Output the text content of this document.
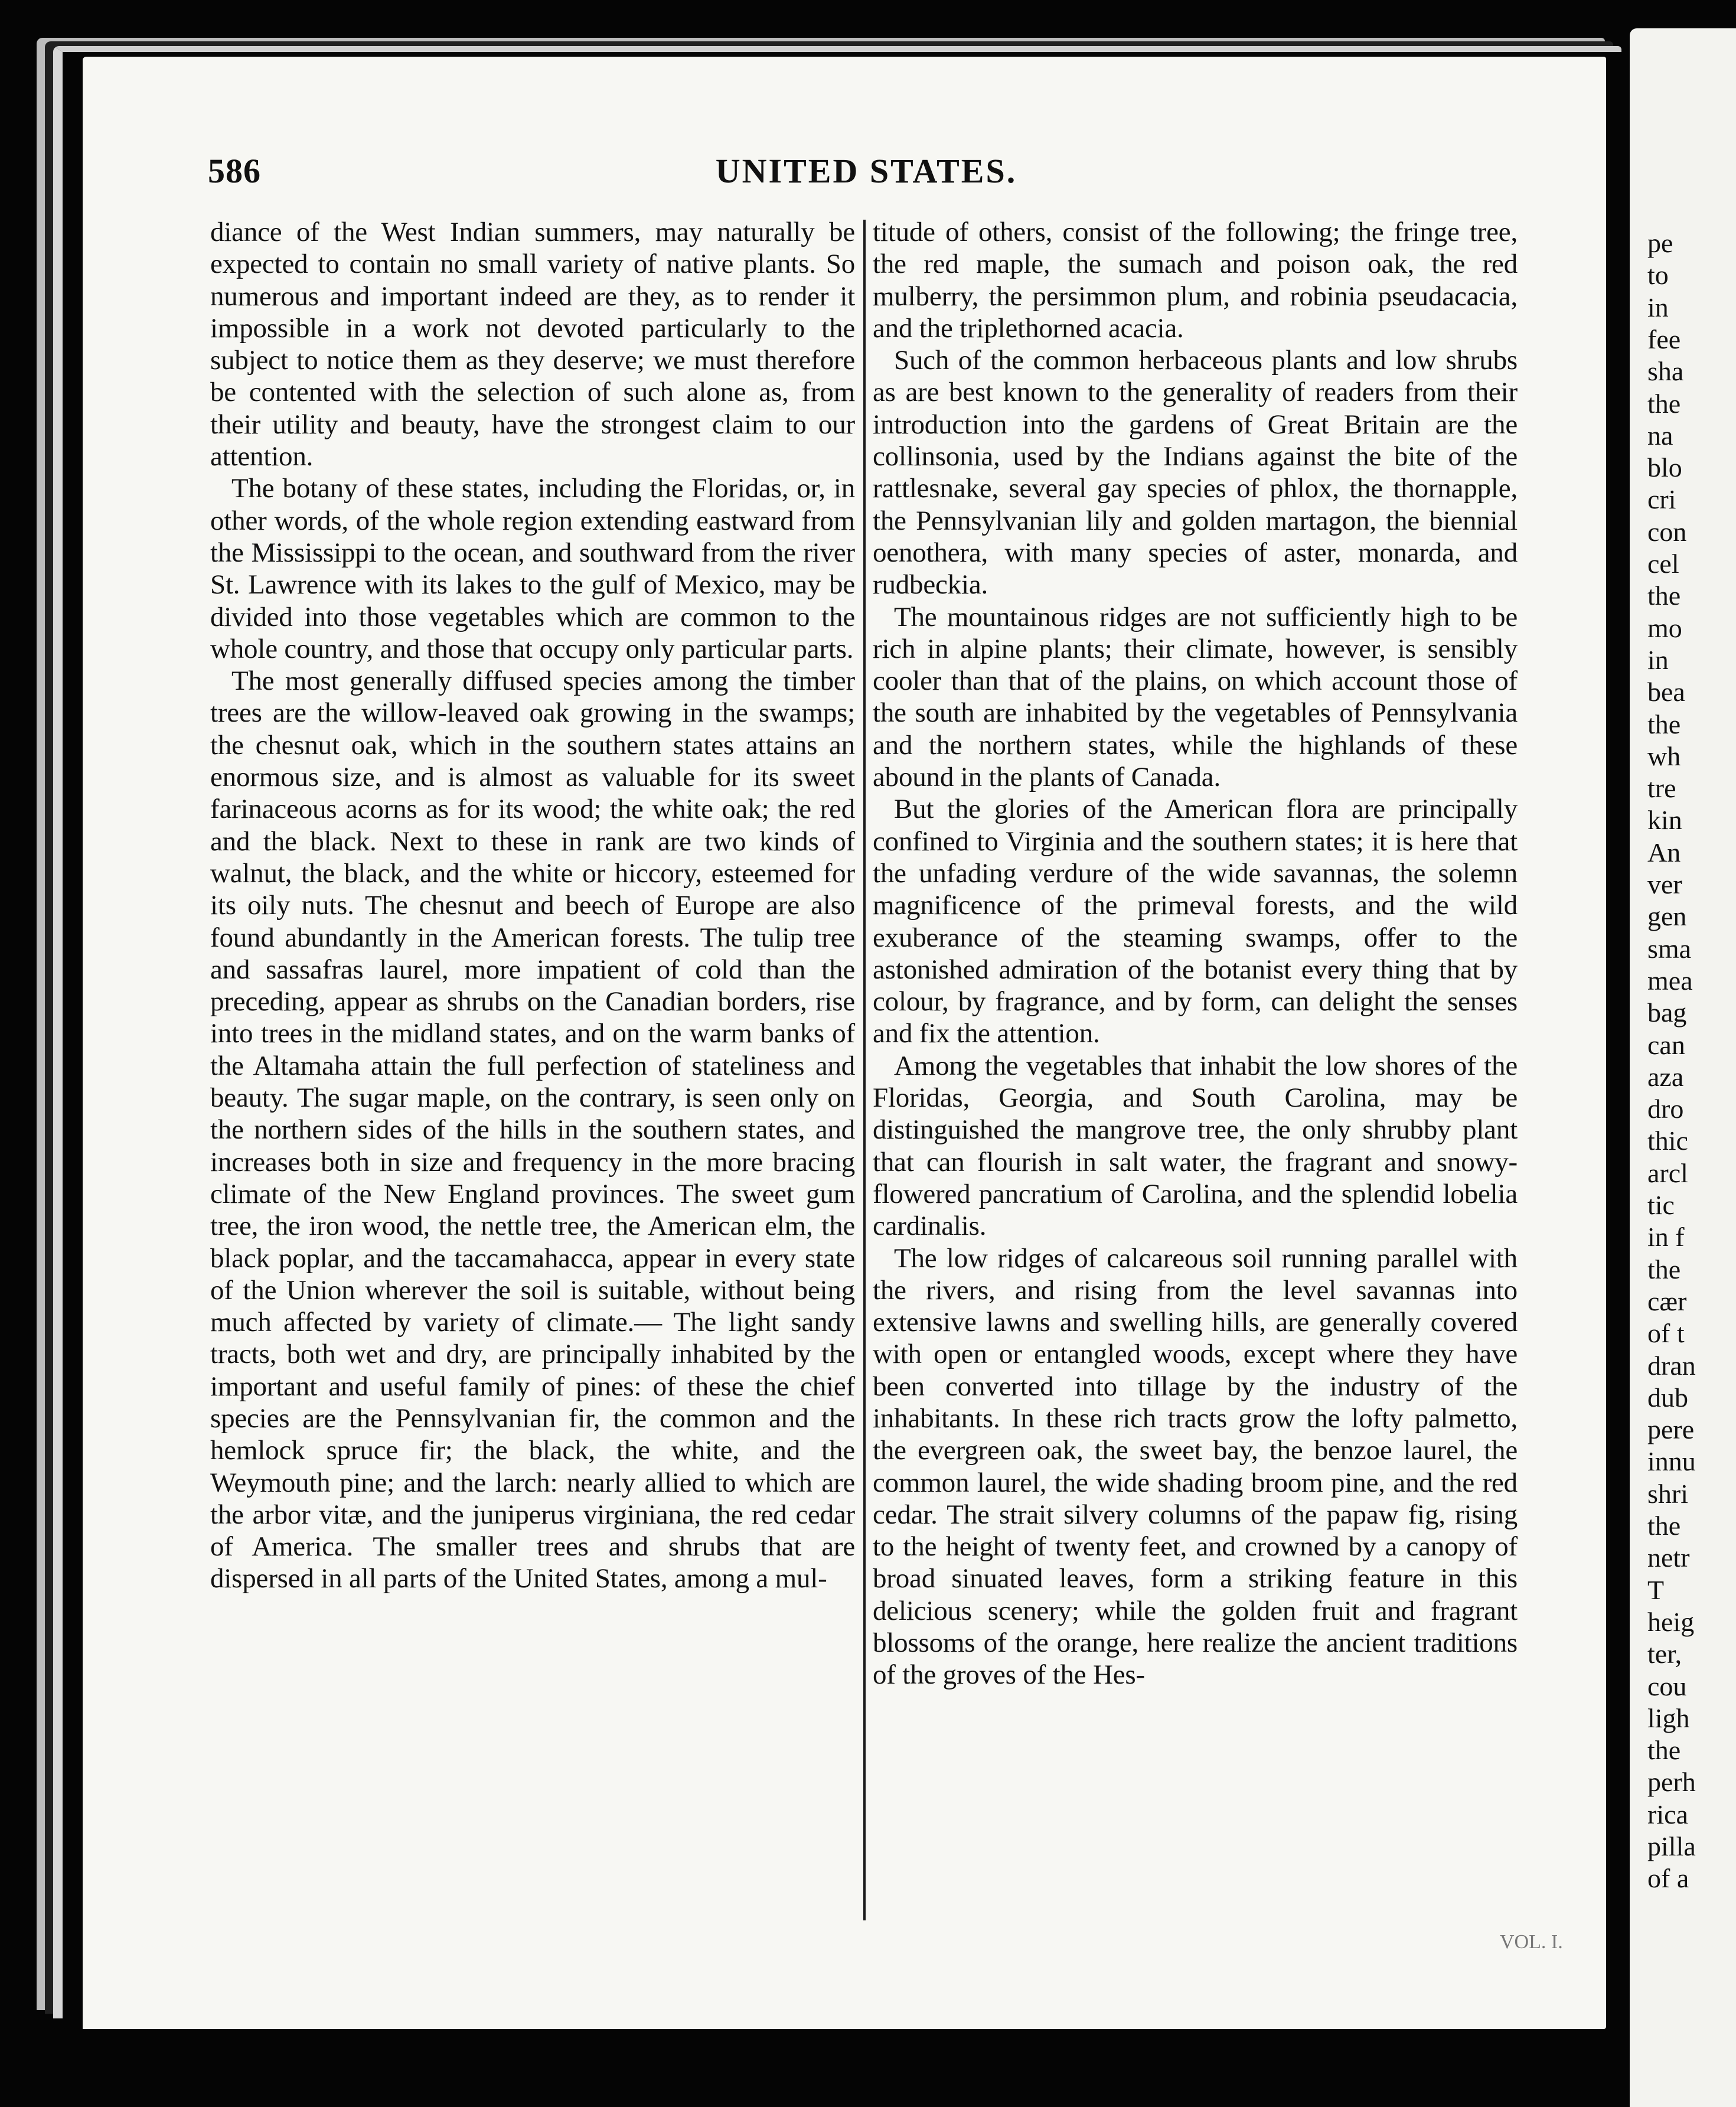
586	UNITED STATES.

diance of the West Indian summers, may naturally be expected to contain no small variety of native plants. So numerous and important indeed are they, as to render it impossible in a work not devoted particularly to the subject to notice them as they deserve; we must therefore be contented with the selection of such alone as, from their utility and beauty, have the strongest claim to our attention.

The botany of these states, including the Floridas, or, in other words, of the whole region extending eastward from the Mississippi to the ocean, and southward from the river St. Lawrence with its lakes to the gulf of Mexico, may be divided into those vegetables which are common to the whole country, and those that occupy only particular parts.

The most generally diffused species among the timber trees are the willow-leaved oak growing in the swamps; the chesnut oak, which in the southern states attains an enormous size, and is almost as valuable for its sweet farinaceous acorns as for its wood; the white oak; the red and the black. Next to these in rank are two kinds of walnut, the black, and the white or hiccory, esteemed for its oily nuts. The chesnut and beech of Europe are also found abundantly in the American forests. The tulip tree and sassafras laurel, more impatient of cold than the preceding, appear as shrubs on the Canadian borders, rise into trees in the midland states, and on the warm banks of the Altamaha attain the full perfection of stateliness and beauty. The sugar maple, on the contrary, is seen only on the northern sides of the hills in the southern states, and increases both in size and frequency in the more bracing climate of the New England provinces. The sweet gum tree, the iron wood, the nettle tree, the American elm, the black poplar, and the taccamahacca, appear in every state of the Union wherever the soil is suitable, without being much affected by variety of climate.— The light sandy tracts, both wet and dry, are principally inhabited by the important and useful family of pines: of these the chief species are the Pennsylvanian fir, the common and the hemlock spruce fir; the black, the white, and the Weymouth pine; and the larch: nearly allied to which are the arbor vitæ, and the juniperus virginiana, the red cedar of America. The smaller trees and shrubs that are dispersed in all parts of the United States, among a mul-

titude of others, consist of the following; the fringe tree, the red maple, the sumach and poison oak, the red mulberry, the persimmon plum, and robinia pseudacacia, and the triplethorned acacia.

Such of the common herbaceous plants and low shrubs as are best known to the generality of readers from their introduction into the gardens of Great Britain are the collinsonia, used by the Indians against the bite of the rattlesnake, several gay species of phlox, the thornapple, the Pennsylvanian lily and golden martagon, the biennial oenothera, with many species of aster, monarda, and rudbeckia.

The mountainous ridges are not sufficiently high to be rich in alpine plants; their climate, however, is sensibly cooler than that of the plains, on which account those of the south are inhabited by the vegetables of Pennsylvania and the northern states, while the highlands of these abound in the plants of Canada.

But the glories of the American flora are principally confined to Virginia and the southern states; it is here that the unfading verdure of the wide savannas, the solemn magnificence of the primeval forests, and the wild exuberance of the steaming swamps, offer to the astonished admiration of the botanist every thing that by colour, by fragrance, and by form, can delight the senses and fix the attention.

Among the vegetables that inhabit the low shores of the Floridas, Georgia, and South Carolina, may be distinguished the mangrove tree, the only shrubby plant that can flourish in salt water, the fragrant and snowy-flowered pancratium of Carolina, and the splendid lobelia cardinalis.

The low ridges of calcareous soil running parallel with the rivers, and rising from the level savannas into extensive lawns and swelling hills, are generally covered with open or entangled woods, except where they have been converted into tillage by the industry of the inhabitants. In these rich tracts grow the lofty palmetto, the evergreen oak, the sweet bay, the benzoe laurel, the common laurel, the wide shading broom pine, and the red cedar. The strait silvery columns of the papaw fig, rising to the height of twenty feet, and crowned by a canopy of broad sinuated leaves, form a striking feature in this delicious scenery; while the golden fruit and fragrant blossoms of the orange, here realize the ancient traditions of the groves of the Hes-

pe
to
in
fee
sha
the
na
blo
cri
con
cel
the
mo
in
bea
the
wh
tre
kin
An
ver
gen
sma
mea
bag
can
aza
dro
thic
arcl
tic
in f
the
cær
of t
dran
dub
pere
innu
shri
the
netr
T
heig
ter,
cou
ligh
the
perh
rica
pilla
of a
VOL. I.
